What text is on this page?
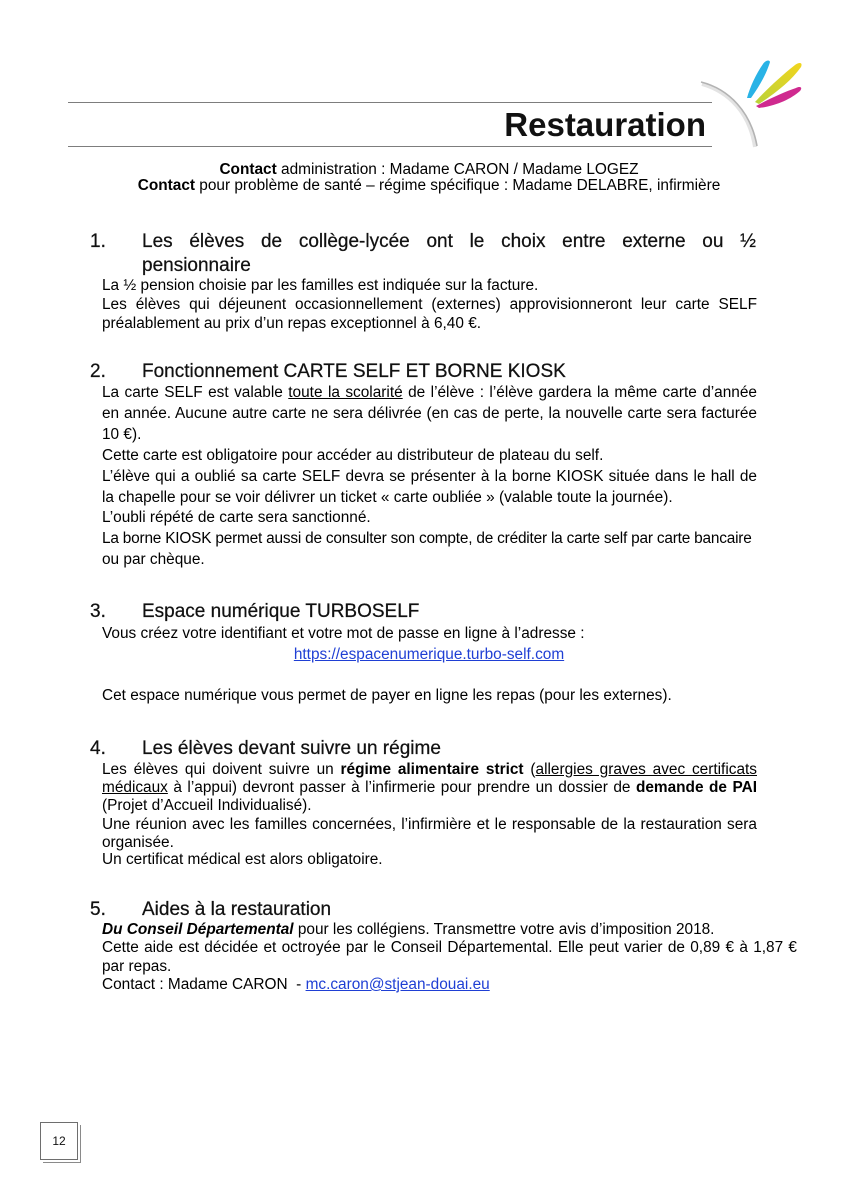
Restauration
Contact administration : Madame CARON / Madame LOGEZ
Contact pour problème de santé – régime spécifique : Madame DELABRE, infirmière
1. Les élèves de collège-lycée ont le choix entre externe ou ½
pensionnaire
La ½ pension choisie par les familles est indiquée sur la facture.
Les élèves qui déjeunent occasionnellement (externes) approvisionneront leur carte SELF
préalablement au prix d’un repas exceptionnel à 6,40 €.
2. Fonctionnement CARTE SELF ET BORNE KIOSK
La carte SELF est valable toute la scolarité de l’élève : l’élève gardera la même carte d’année
en année. Aucune autre carte ne sera délivrée (en cas de perte, la nouvelle carte sera facturée
10 €).
Cette carte est obligatoire pour accéder au distributeur de plateau du self.
L’élève qui a oublié sa carte SELF devra se présenter à la borne KIOSK située dans le hall de
la chapelle pour se voir délivrer un ticket « carte oubliée » (valable toute la journée).
L’oubli répété de carte sera sanctionné.
La borne KIOSK permet aussi de consulter son compte, de créditer la carte self par carte bancaire
ou par chèque.
3. Espace numérique TURBOSELF
Vous créez votre identifiant et votre mot de passe en ligne à l’adresse :
https://espacenumerique.turbo-self.com
Cet espace numérique vous permet de payer en ligne les repas (pour les externes).
4. Les élèves devant suivre un régime
Les élèves qui doivent suivre un régime alimentaire strict (allergies graves avec certificats
médicaux à l’appui) devront passer à l’infirmerie pour prendre un dossier de demande de PAI
(Projet d’Accueil Individualisé).
Une réunion avec les familles concernées, l’infirmière et le responsable de la restauration sera
organisée.
Un certificat médical est alors obligatoire.
5. Aides à la restauration
Du Conseil Départemental pour les collégiens. Transmettre votre avis d’imposition 2018.
Cette aide est décidée et octroyée par le Conseil Départemental. Elle peut varier de 0,89 € à 1,87 €
par repas.
Contact : Madame CARON  - mc.caron@stjean-douai.eu
12
